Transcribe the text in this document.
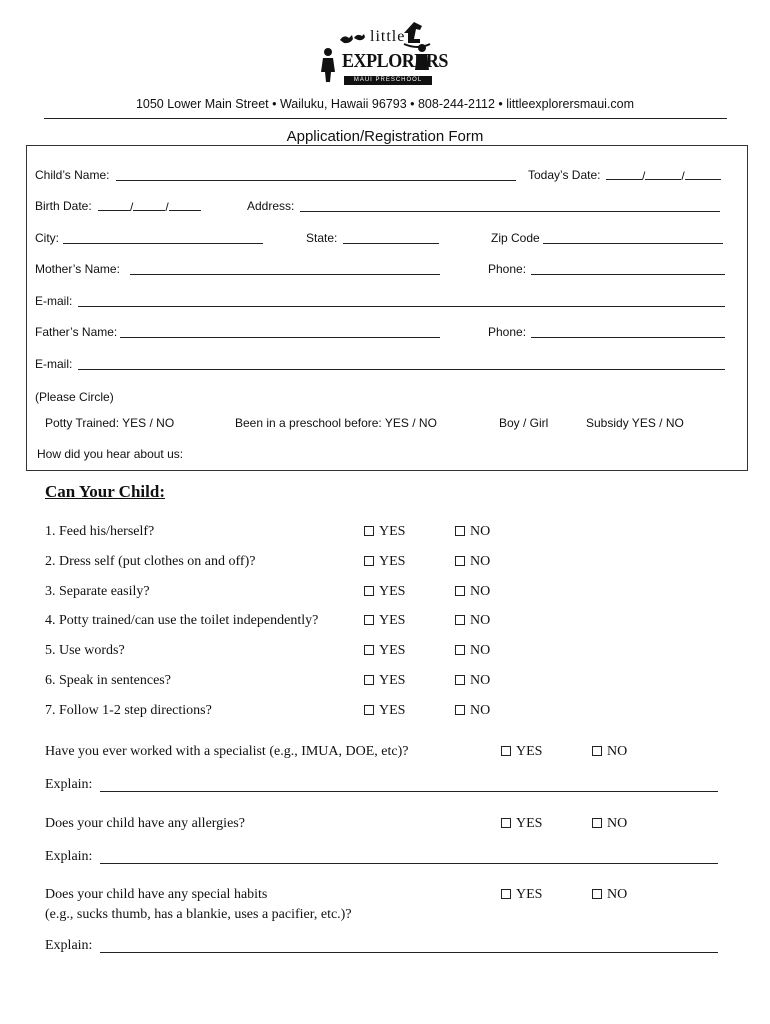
little
EXPLORERS
MAUI PRESCHOOL
1050 Lower Main Street • Wailuku, Hawaii 96793 • 808-244-2112 • littleexplorersmaui.com
Application/Registration Form
Child’s Name:	Today’s Date:	/	/
Birth Date:	/	/	Address:
City:	State:	Zip Code
Mother’s Name:	Phone:
E-mail:
Father’s Name:	Phone:
E-mail:
(Please Circle)
Potty Trained: YES / NO	Been in a preschool before: YES / NO	Boy / Girl	Subsidy YES / NO
How did you hear about us:
Can Your Child:
1. Feed his/herself?	YES	NO
2. Dress self (put clothes on and off)?	YES	NO
3. Separate easily?	YES	NO
4. Potty trained/can use the toilet independently?	YES	NO
5. Use words?	YES	NO
6. Speak in sentences?	YES	NO
7. Follow 1-2 step directions?	YES	NO
Have you ever worked with a specialist (e.g., IMUA, DOE, etc)?	YES	NO
Explain:
Does your child have any allergies?	YES	NO
Explain:
Does your child have any special habits
(e.g., sucks thumb, has a blankie, uses a pacifier, etc.)?
YES	NO
Explain:
